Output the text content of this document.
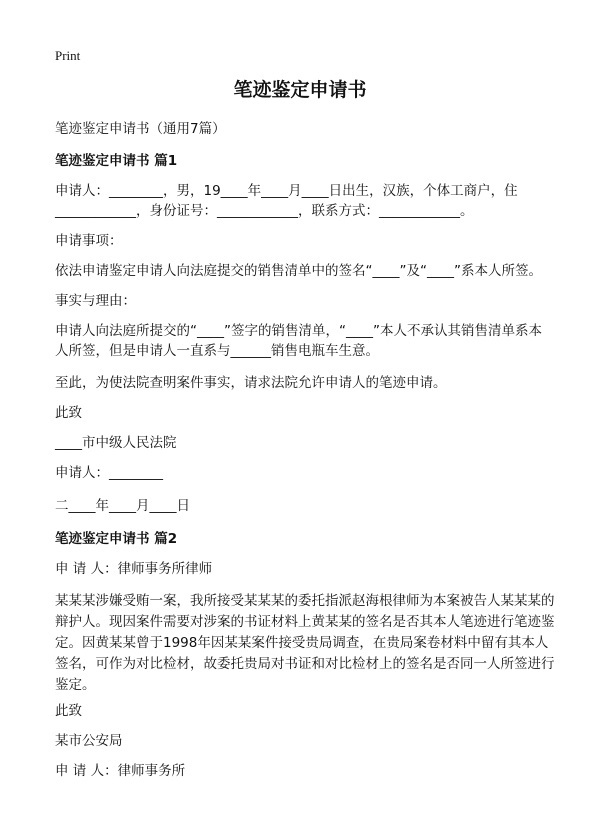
Print
笔迹鉴定申请书
笔迹鉴定申请书（通用7篇）
笔迹鉴定申请书 篇1
申请人：________，男，19____年____月____日出生，汉族，个体工商户，住____________，身份证号：____________，联系方式：____________。
申请事项：
依法申请鉴定申请人向法庭提交的销售清单中的签名“____”及“____”系本人所签。
事实与理由：
申请人向法庭所提交的“____”签字的销售清单，“____”本人不承认其销售清单系本人所签，但是申请人一直系与______销售电瓶车生意。
至此，为使法院查明案件事实，请求法院允许申请人的笔迹申请。
此致
____市中级人民法院
申请人：________
二____年____月____日
笔迹鉴定申请书 篇2
申 请 人：律师事务所律师
某某某涉嫌受贿一案，我所接受某某某的委托指派赵海根律师为本案被告人某某某的辩护人。现因案件需要对涉案的书证材料上黄某某的签名是否其本人笔迹进行笔迹鉴定。因黄某某曾于1998年因某某案件接受贵局调查，在贵局案卷材料中留有其本人签名，可作为对比检材，故委托贵局对书证和对比检材上的签名是否同一人所签进行鉴定。
此致
某市公安局
申 请 人：律师事务所
